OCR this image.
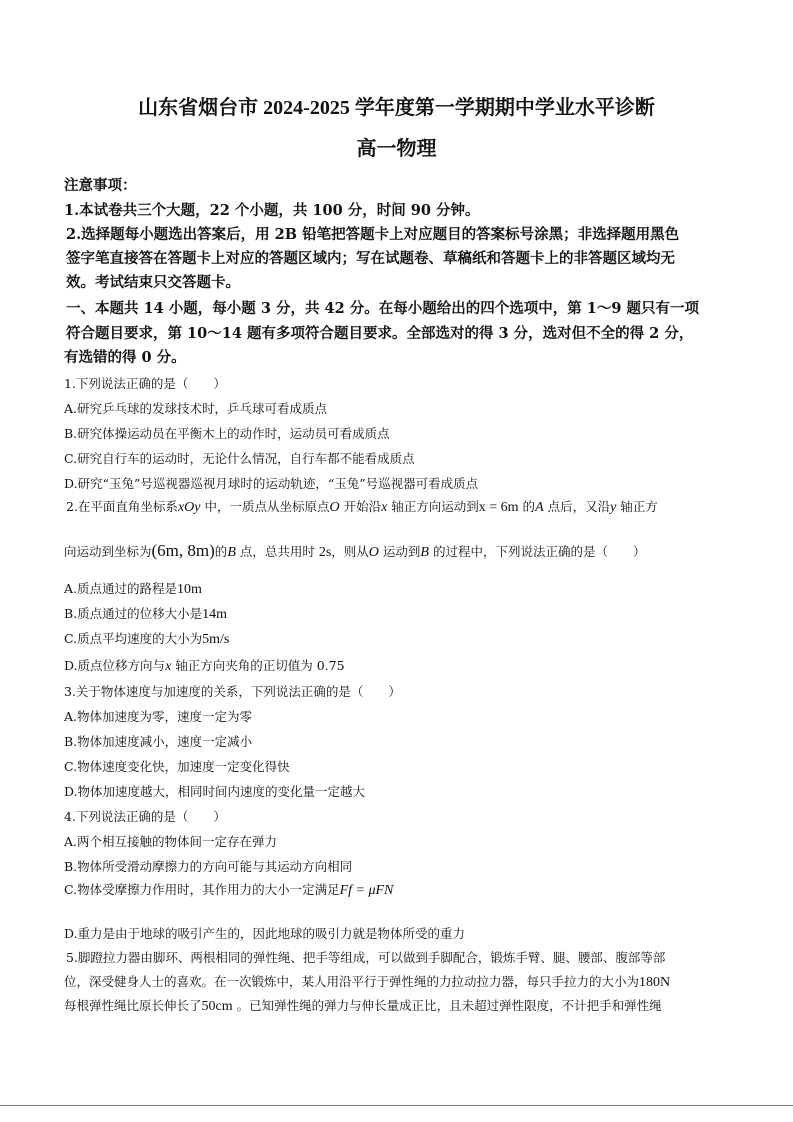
山东省烟台市 2024-2025 学年度第一学期期中学业水平诊断
高一物理
注意事项：
1.本试卷共三个大题，22 个小题，共 100 分，时间 90 分钟。
2.选择题每小题选出答案后，用 2B 铅笔把答题卡上对应题目的答案标号涂黑；非选择题用黑色
签字笔直接答在答题卡上对应的答题区域内；写在试题卷、草稿纸和答题卡上的非答题区域均无
效。考试结束只交答题卡。
一、本题共 14 小题，每小题 3 分，共 42 分。在每小题给出的四个选项中，第 1～9 题只有一项
符合题目要求，第 10～14 题有多项符合题目要求。全部选对的得 3 分，选对但不全的得 2 分，
有选错的得 0 分。
1.下列说法正确的是（　　）
A.研究乒乓球的发球技术时，乒乓球可看成质点
B.研究体操运动员在平衡木上的动作时，运动员可看成质点
C.研究自行车的运动时，无论什么情况，自行车都不能看成质点
D.研究“玉兔”号巡视器巡视月球时的运动轨迹，“玉兔”号巡视器可看成质点
2.在平面直角坐标系xOy 中，一质点从坐标原点O 开始沿x 轴正方向运动到x = 6m 的A 点后，又沿y 轴正方
向运动到坐标为(6m, 8m)的B 点，总共用时 2s，则从O 运动到B 的过程中，下列说法正确的是（　　）
A.质点通过的路程是10m
B.质点通过的位移大小是14m
C.质点平均速度的大小为5m/s
D.质点位移方向与x 轴正方向夹角的正切值为 0.75
3.关于物体速度与加速度的关系，下列说法正确的是（　　）
A.物体加速度为零，速度一定为零
B.物体加速度减小，速度一定减小
C.物体速度变化快，加速度一定变化得快
D.物体加速度越大，相同时间内速度的变化量一定越大
4.下列说法正确的是（　　）
A.两个相互接触的物体间一定存在弹力
B.物体所受滑动摩擦力的方向可能与其运动方向相同
C.物体受摩擦力作用时，其作用力的大小一定满足Ff = μFN
D.重力是由于地球的吸引产生的，因此地球的吸引力就是物体所受的重力
5.脚蹬拉力器由脚环、两根相同的弹性绳、把手等组成，可以做到手脚配合，锻炼手臂、腿、腰部、腹部等部
位，深受健身人士的喜欢。在一次锻炼中，某人用沿平行于弹性绳的力拉动拉力器，每只手拉力的大小为180N
每根弹性绳比原长伸长了50cm 。已知弹性绳的弹力与伸长量成正比，且未超过弹性限度，不计把手和弹性绳
